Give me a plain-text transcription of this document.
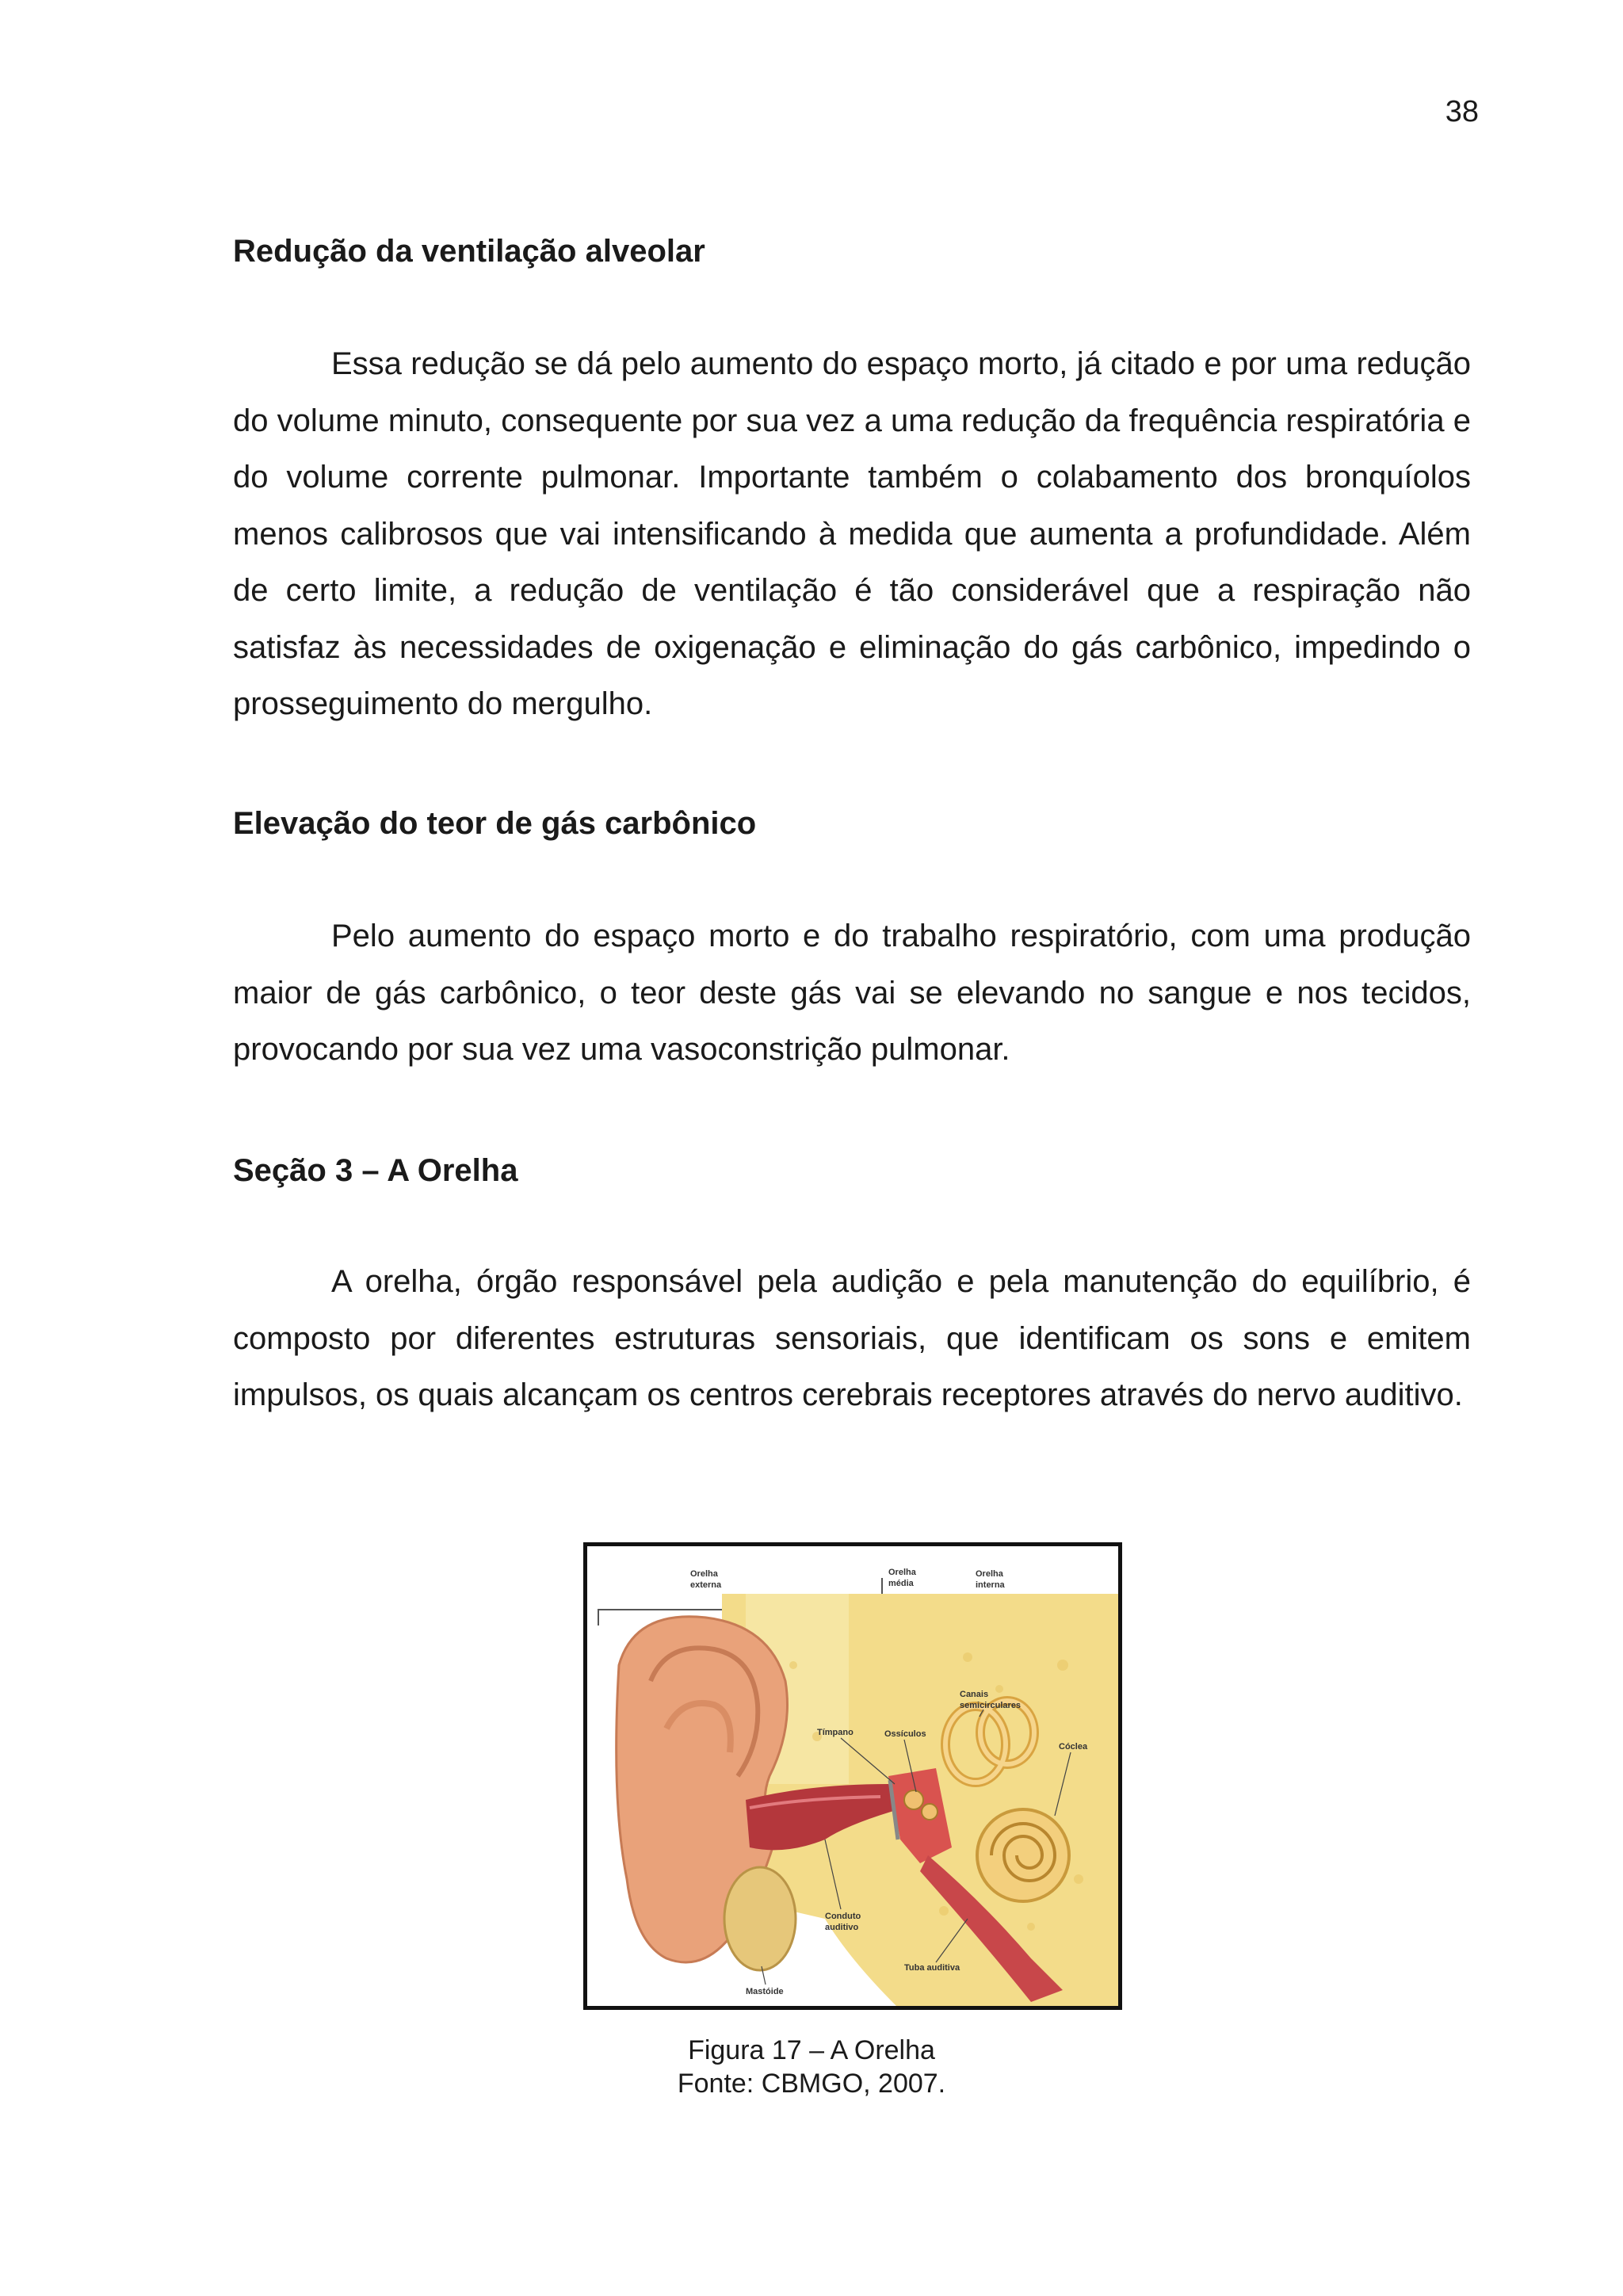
38
Redução da ventilação alveolar

Essa redução se dá pelo aumento do espaço morto, já citado e por uma redução do volume minuto, consequente por sua vez a uma redução da frequência respiratória e do volume corrente pulmonar. Importante também o colabamento dos bronquíolos menos calibrosos que vai intensificando à medida que aumenta a profundidade. Além de certo limite, a redução de ventilação é tão considerável que a respiração não satisfaz às necessidades de oxigenação e eliminação do gás carbônico, impedindo o prosseguimento do mergulho.

Elevação do teor de gás carbônico

Pelo aumento do espaço morto e do trabalho respiratório, com uma produção maior de gás carbônico, o teor deste gás vai se elevando no sangue e nos tecidos, provocando por sua vez uma vasoconstrição pulmonar.

Seção 3 – A Orelha

A orelha, órgão responsável pela audição e pela manutenção do equilíbrio, é composto por diferentes estruturas sensoriais, que identificam os sons e emitem impulsos, os quais alcançam os centros cerebrais receptores através do nervo auditivo.

Orelha
externa
Orelha
média
Orelha
interna
Canais
semicirculares
Tímpano	Ossículos
Cóclea
Conduto
auditivo
Tuba auditiva
Mastóide
Figura 17 – A Orelha
Fonte: CBMGO, 2007.
